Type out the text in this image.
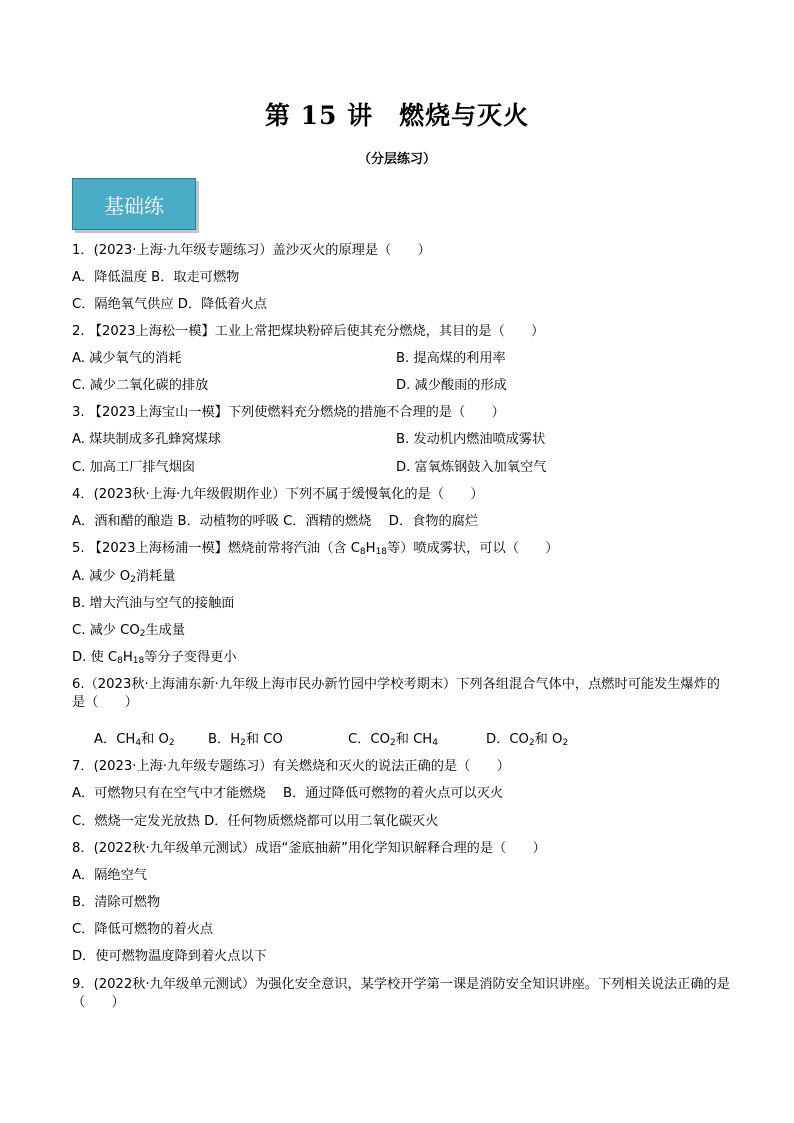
第 15 讲　燃烧与灭火
（分层练习）
基础练
1．(2023·上海·九年级专题练习）盖沙灭火的原理是（　　）
A．降低温度 B．取走可燃物
C．隔绝氧气供应 D．降低着火点
2. 【2023上海松一模】工业上常把煤块粉碎后使其充分燃烧，其目的是（　　）
A. 减少氧气的消耗	B. 提高煤的利用率
C. 减少二氧化碳的排放	D. 减少酸雨的形成
3. 【2023上海宝山一模】下列使燃料充分燃烧的措施不合理的是（　　）
A. 煤块制成多孔蜂窝煤球	B. 发动机内燃油喷成雾状
C. 加高工厂排气烟囱	D. 富氧炼钢鼓入加氧空气
4．(2023秋·上海·九年级假期作业）下列不属于缓慢氧化的是（　　）
A．酒和醋的酿造 B．动植物的呼吸 C．酒精的燃烧　 D．食物的腐烂
5. 【2023上海杨浦一模】燃烧前常将汽油（含 $C_8H_{18}$等）喷成雾状，可以（　　）
A. 减少 $O_2$消耗量
B. 增大汽油与空气的接触面
C. 减少 $CO_2$生成量
D. 使 $C_8H_{18}$等分子变得更小
6.（2023秋·上海浦东新·九年级上海市民办新竹园中学校考期末）下列各组混合气体中，点燃时可能发生爆炸的是（　　）
A．$CH_4$和 $O_2$	B．$H_2$和 CO	C．$CO_2$和 $CH_4$	D．$CO_2$和 $O_2$
7．(2023·上海·九年级专题练习）有关燃烧和灭火的说法正确的是（　　）
A．可燃物只有在空气中才能燃烧　 B．通过降低可燃物的着火点可以灭火
C．燃烧一定发光放热 D．任何物质燃烧都可以用二氧化碳灭火
8．(2022秋·九年级单元测试）成语“釜底抽薪”用化学知识解释合理的是（　　）
A．隔绝空气
B．清除可燃物
C．降低可燃物的着火点
D．使可燃物温度降到着火点以下
9．(2022秋·九年级单元测试）为强化安全意识，某学校开学第一课是消防安全知识讲座。下列相关说法正确的是（　　）
